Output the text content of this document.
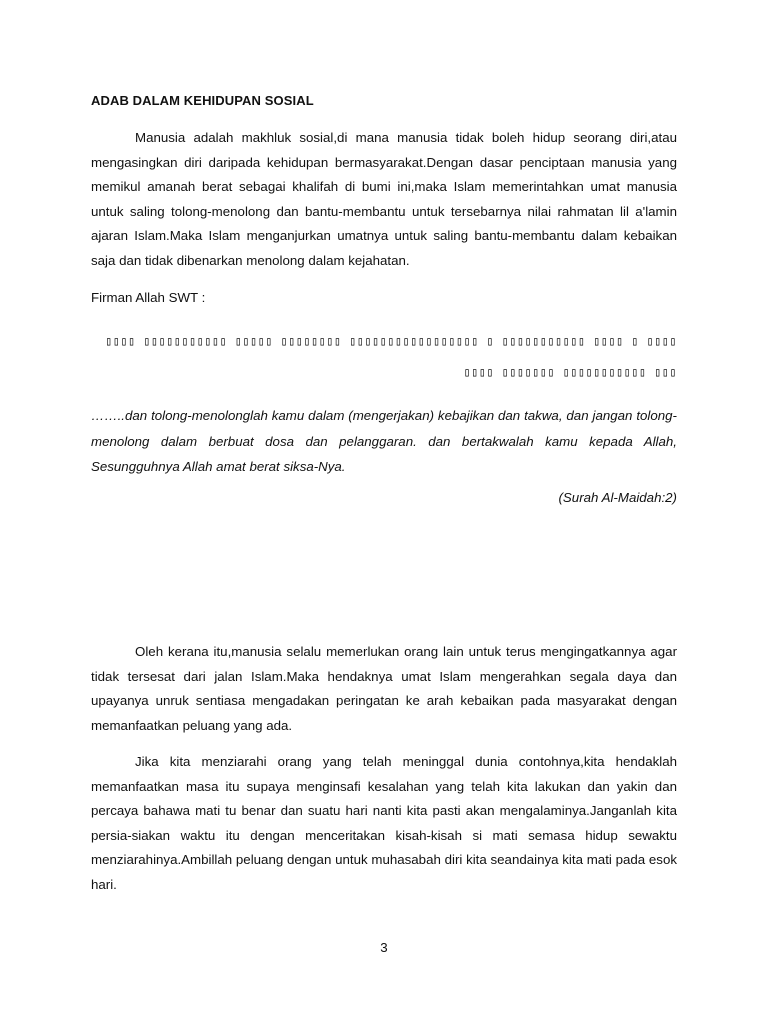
ADAB DALAM KEHIDUPAN SOSIAL

Manusia adalah makhluk sosial,di mana manusia tidak boleh hidup seorang diri,atau mengasingkan diri daripada kehidupan bermasyarakat.Dengan dasar penciptaan manusia yang memikul amanah berat sebagai khalifah di bumi ini,maka Islam memerintahkan umat manusia untuk saling tolong-menolong dan bantu-membantu untuk tersebarnya nilai rahmatan lil a'lamin ajaran Islam.Maka Islam menganjurkan umatnya untuk saling bantu-membantu dalam kebaikan saja dan tidak dibenarkan menolong dalam kejahatan.

Firman Allah SWT :

▯▯▯▯ ▯▯▯▯▯▯▯▯▯▯▯ ▯▯▯▯▯ ▯▯▯▯▯▯▯▯ ▯▯▯▯▯▯▯▯▯▯▯▯▯▯▯▯▯ ▯ ▯▯▯▯▯▯▯▯▯▯▯ ▯▯▯▯ ▯ ▯▯▯▯ ▯▯▯▯ ▯▯▯▯▯▯▯ ▯▯▯▯▯▯▯▯▯▯▯ ▯▯▯

……..dan tolong-menolonglah kamu dalam (mengerjakan) kebajikan dan takwa, dan jangan tolong-menolong dalam berbuat dosa dan pelanggaran. dan bertakwalah kamu kepada Allah, Sesungguhnya Allah amat berat siksa-Nya.

(Surah Al-Maidah:2)

Oleh kerana itu,manusia selalu memerlukan orang lain untuk terus mengingatkannya agar tidak tersesat dari jalan Islam.Maka hendaknya umat Islam mengerahkan segala daya dan upayanya unruk sentiasa mengadakan peringatan ke arah kebaikan pada masyarakat dengan memanfaatkan peluang yang ada.

Jika kita menziarahi orang yang telah meninggal dunia contohnya,kita hendaklah memanfaatkan masa itu supaya menginsafi kesalahan yang telah kita lakukan dan yakin dan percaya bahawa mati tu benar dan suatu hari nanti kita pasti akan mengalaminya.Janganlah kita persia-siakan waktu itu dengan menceritakan kisah-kisah si mati semasa hidup sewaktu menziarahinya.Ambillah peluang dengan untuk muhasabah diri kita seandainya kita mati pada esok hari.

3
